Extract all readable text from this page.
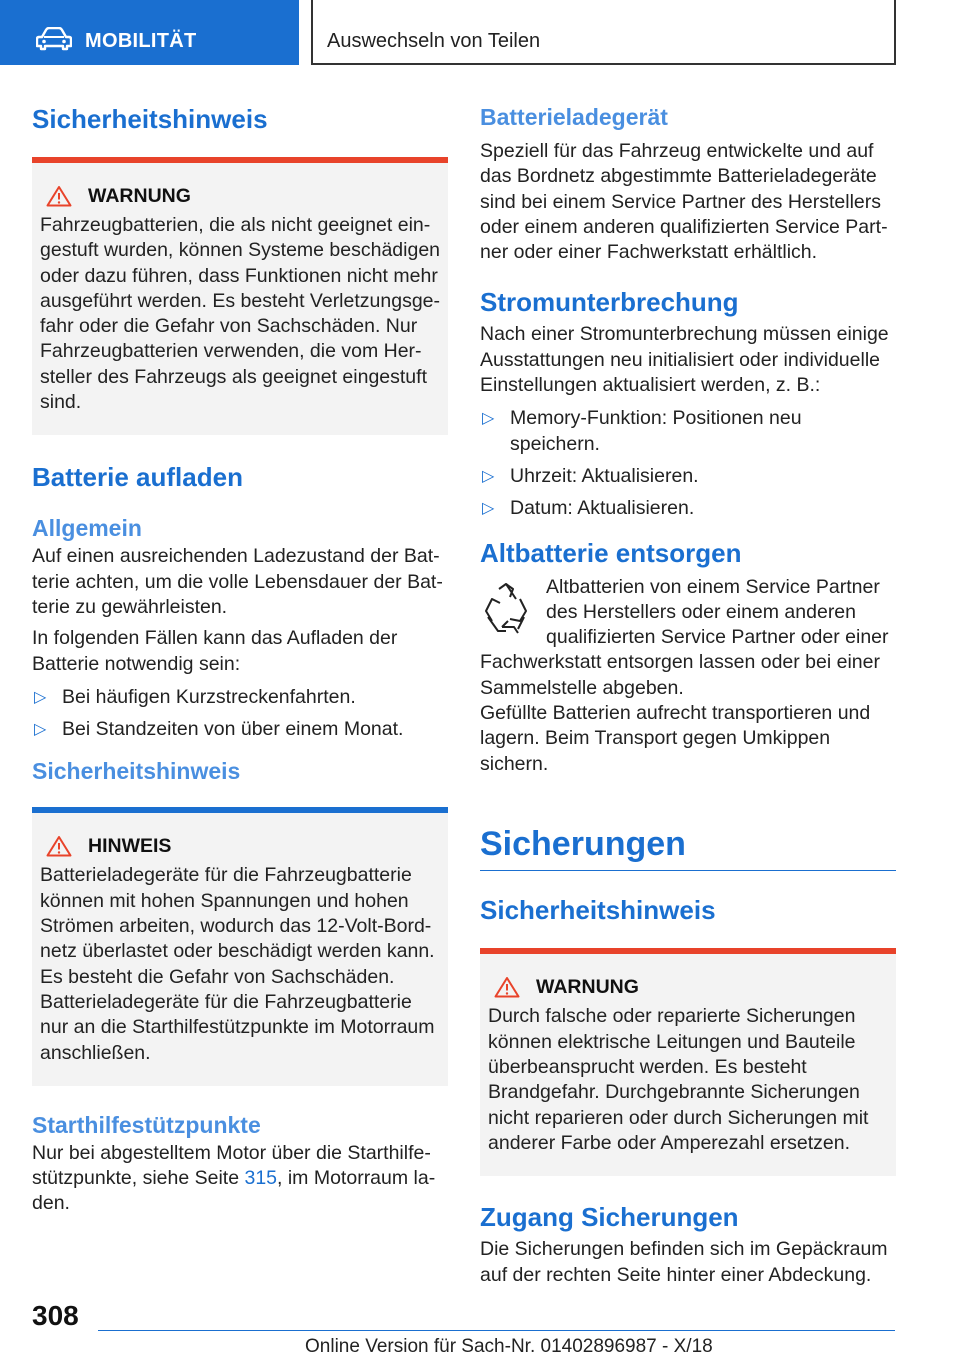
MOBILITÄT	Auswechseln von Teilen
Sicherheitshinweis
WARNUNG

Fahrzeugbatterien, die als nicht geeignet eingestuft wurden, können Systeme beschädigen oder dazu führen, dass Funktionen nicht mehr ausgeführt werden. Es besteht Verletzungsgefahr oder die Gefahr von Sachschäden. Nur Fahrzeugbatterien verwenden, die vom Hersteller des Fahrzeugs als geeignet eingestuft sind.

Batterie aufladen
Allgemein

Auf einen ausreichenden Ladezustand der Batterie achten, um die volle Lebensdauer der Batterie zu gewährleisten.

In folgenden Fällen kann das Aufladen der Batterie notwendig sein:

▷ Bei häufigen Kurzstreckenfahrten.
▷ Bei Standzeiten von über einem Monat.
Sicherheitshinweis
HINWEIS

Batterieladegeräte für die Fahrzeugbatterie können mit hohen Spannungen und hohen Strömen arbeiten, wodurch das 12-Volt-Bordnetz überlastet oder beschädigt werden kann. Es besteht die Gefahr von Sachschäden. Batterieladegeräte für die Fahrzeugbatterie nur an die Starthilfestützpunkte im Motorraum anschließen.

Starthilfestützpunkte

Nur bei abgestelltem Motor über die Starthilfestützpunkte, siehe Seite 315, im Motorraum laden.

Batterieladegerät

Speziell für das Fahrzeug entwickelte und auf das Bordnetz abgestimmte Batterieladegeräte sind bei einem Service Partner des Herstellers oder einem anderen qualifizierten Service Partner oder einer Fachwerkstatt erhältlich.

Stromunterbrechung

Nach einer Stromunterbrechung müssen einige Ausstattungen neu initialisiert oder individuelle Einstellungen aktualisiert werden, z. B.:

▷ Memory-Funktion: Positionen neu speichern.
▷ Uhrzeit: Aktualisieren.
▷ Datum: Aktualisieren.
Altbatterie entsorgen

Altbatterien von einem Service Partner des Herstellers oder einem anderen qualifizierten Service Partner oder einer Fachwerkstatt entsorgen lassen oder bei einer Sammelstelle abgeben.

Gefüllte Batterien aufrecht transportieren und lagern. Beim Transport gegen Umkippen sichern.

Sicherungen
Sicherheitshinweis
WARNUNG

Durch falsche oder reparierte Sicherungen können elektrische Leitungen und Bauteile überbeansprucht werden. Es besteht Brandgefahr. Durchgebrannte Sicherungen nicht reparieren oder durch Sicherungen mit anderer Farbe oder Amperezahl ersetzen.

Zugang Sicherungen

Die Sicherungen befinden sich im Gepäckraum auf der rechten Seite hinter einer Abdeckung.

308
Online Version für Sach-Nr. 01402896987 - X/18
